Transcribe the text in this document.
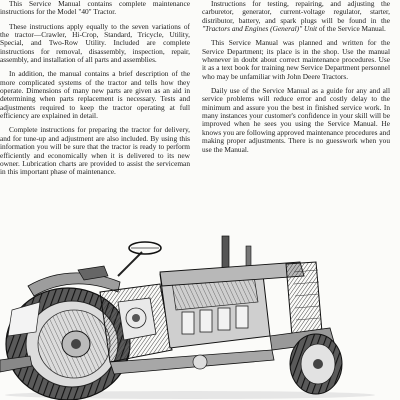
This Service Manual contains complete maintenance instructions for the Model "40" Tractor.

These instructions apply equally to the seven variations of the tractor—Crawler, Hi-Crop, Standard, Tricycle, Utility, Special, and Two-Row Utility. Included are complete instructions for removal, disassembly, inspection, repair, assembly, and installation of all parts and assemblies.

In addition, the manual contains a brief description of the more complicated systems of the tractor and tells how they operate. Dimensions of many new parts are given as an aid in determining when parts replacement is necessary. Tests and adjustments required to keep the tractor operating at full efficiency are explained in detail.

Complete instructions for preparing the tractor for delivery, and for tune-up and adjustment are also included. By using this information you will be sure that the tractor is ready to perform efficiently and economically when it is delivered to its new owner. Lubrication charts are provided to assist the serviceman in this important phase of maintenance.

Instructions for testing, repairing, and adjusting the carburetor, generator, current-voltage regulator, starter, distributor, battery, and spark plugs will be found in the "Tractors and Engines (General)" Unit of the Service Manual.

This Service Manual was planned and written for the Service Department; its place is in the shop. Use the manual whenever in doubt about correct maintenance procedures. Use it as a text book for training new Service Department personnel who may be unfamiliar with John Deere Tractors.

Daily use of the Service Manual as a guide for any and all service problems will reduce error and costly delay to the minimum and assure you the best in finished service work. In many instances your customer's confidence in your skill will be improved when he sees you using the Service Manual. He knows you are following approved maintenance procedures and making proper adjustments. There is no guesswork when you use the Manual.
